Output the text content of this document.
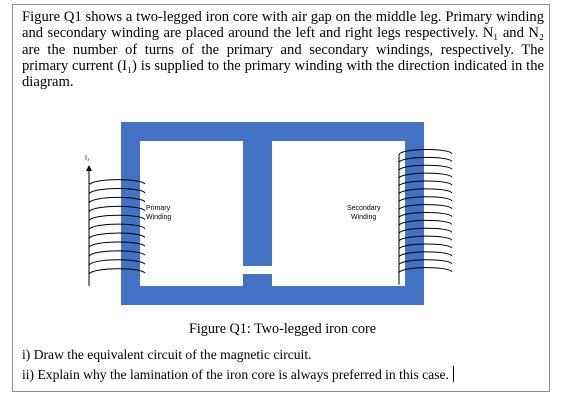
Figure Q1 shows a two-legged iron core with air gap on the middle leg. Primary winding and secondary winding are placed around the left and right legs respectively. N₁ and N₂ are the number of turns of the primary and secondary windings, respectively. The primary current (I₁) is supplied to the primary winding with the direction indicated in the diagram.

I₁
Primary
Winding
Secondary
Winding
Figure Q1: Two-legged iron core
i) Draw the equivalent circuit of the magnetic circuit.
ii) Explain why the lamination of the iron core is always preferred in this case.
